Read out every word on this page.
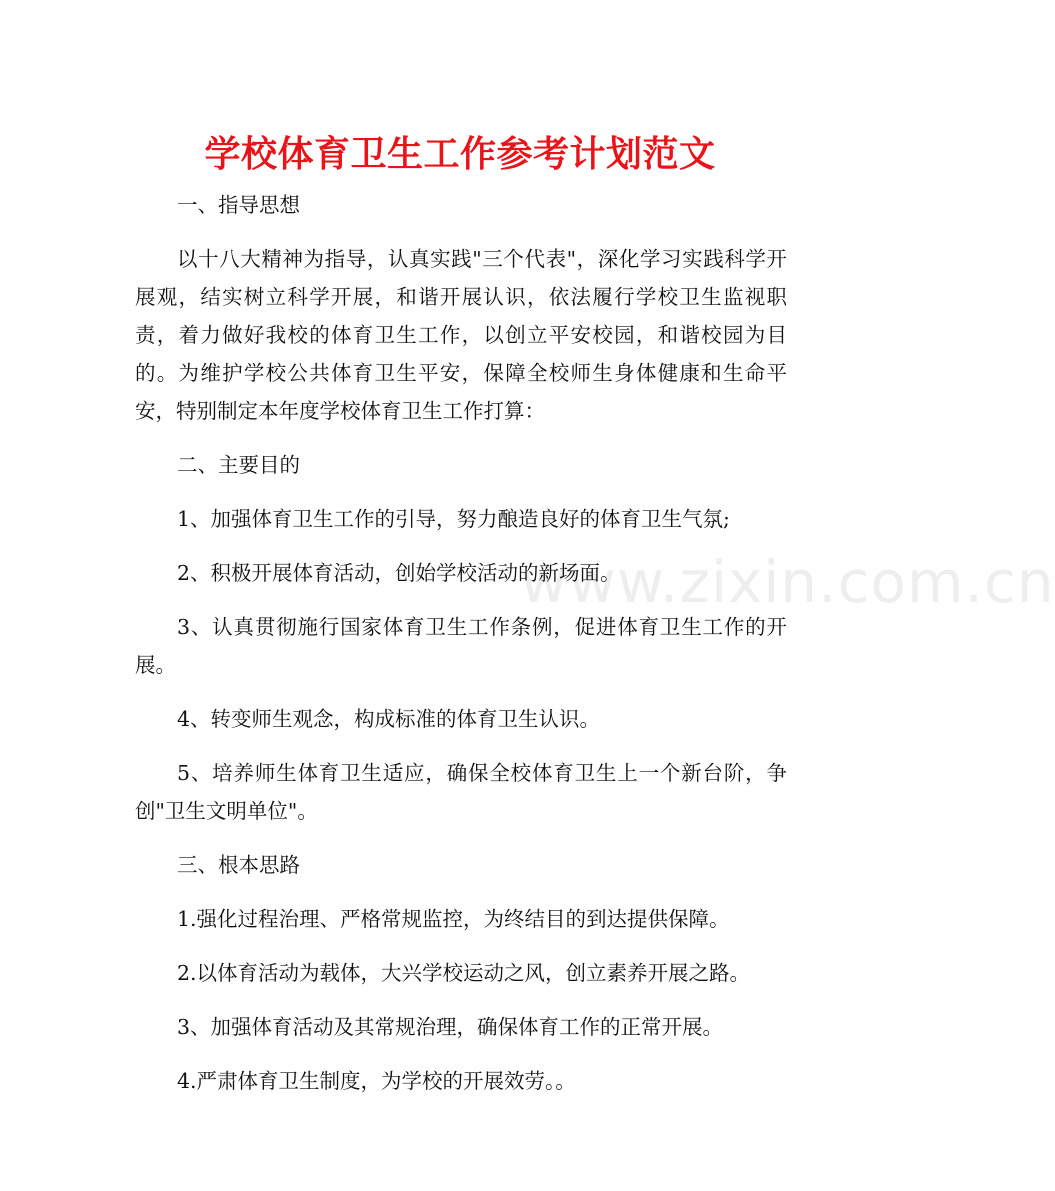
学校体育卫生工作参考计划范文
www.zixin.com.cn

一、指导思想

以十八大精神为指导，认真实践"三个代表"，深化学习实践科学开展观，结实树立科学开展，和谐开展认识，依法履行学校卫生监视职责，着力做好我校的体育卫生工作，以创立平安校园，和谐校园为目的。为维护学校公共体育卫生平安，保障全校师生身体健康和生命平安，特别制定本年度学校体育卫生工作打算：

二、主要目的

1、加强体育卫生工作的引导，努力酿造良好的体育卫生气氛;

2、积极开展体育活动，创始学校活动的新场面。

3、认真贯彻施行国家体育卫生工作条例，促进体育卫生工作的开展。

4、转变师生观念，构成标准的体育卫生认识。

5、培养师生体育卫生适应，确保全校体育卫生上一个新台阶，争创"卫生文明单位"。

三、根本思路

1.强化过程治理、严格常规监控，为终结目的到达提供保障。

2.以体育活动为载体，大兴学校运动之风，创立素养开展之路。

3、加强体育活动及其常规治理，确保体育工作的正常开展。

4.严肃体育卫生制度，为学校的开展效劳。。
